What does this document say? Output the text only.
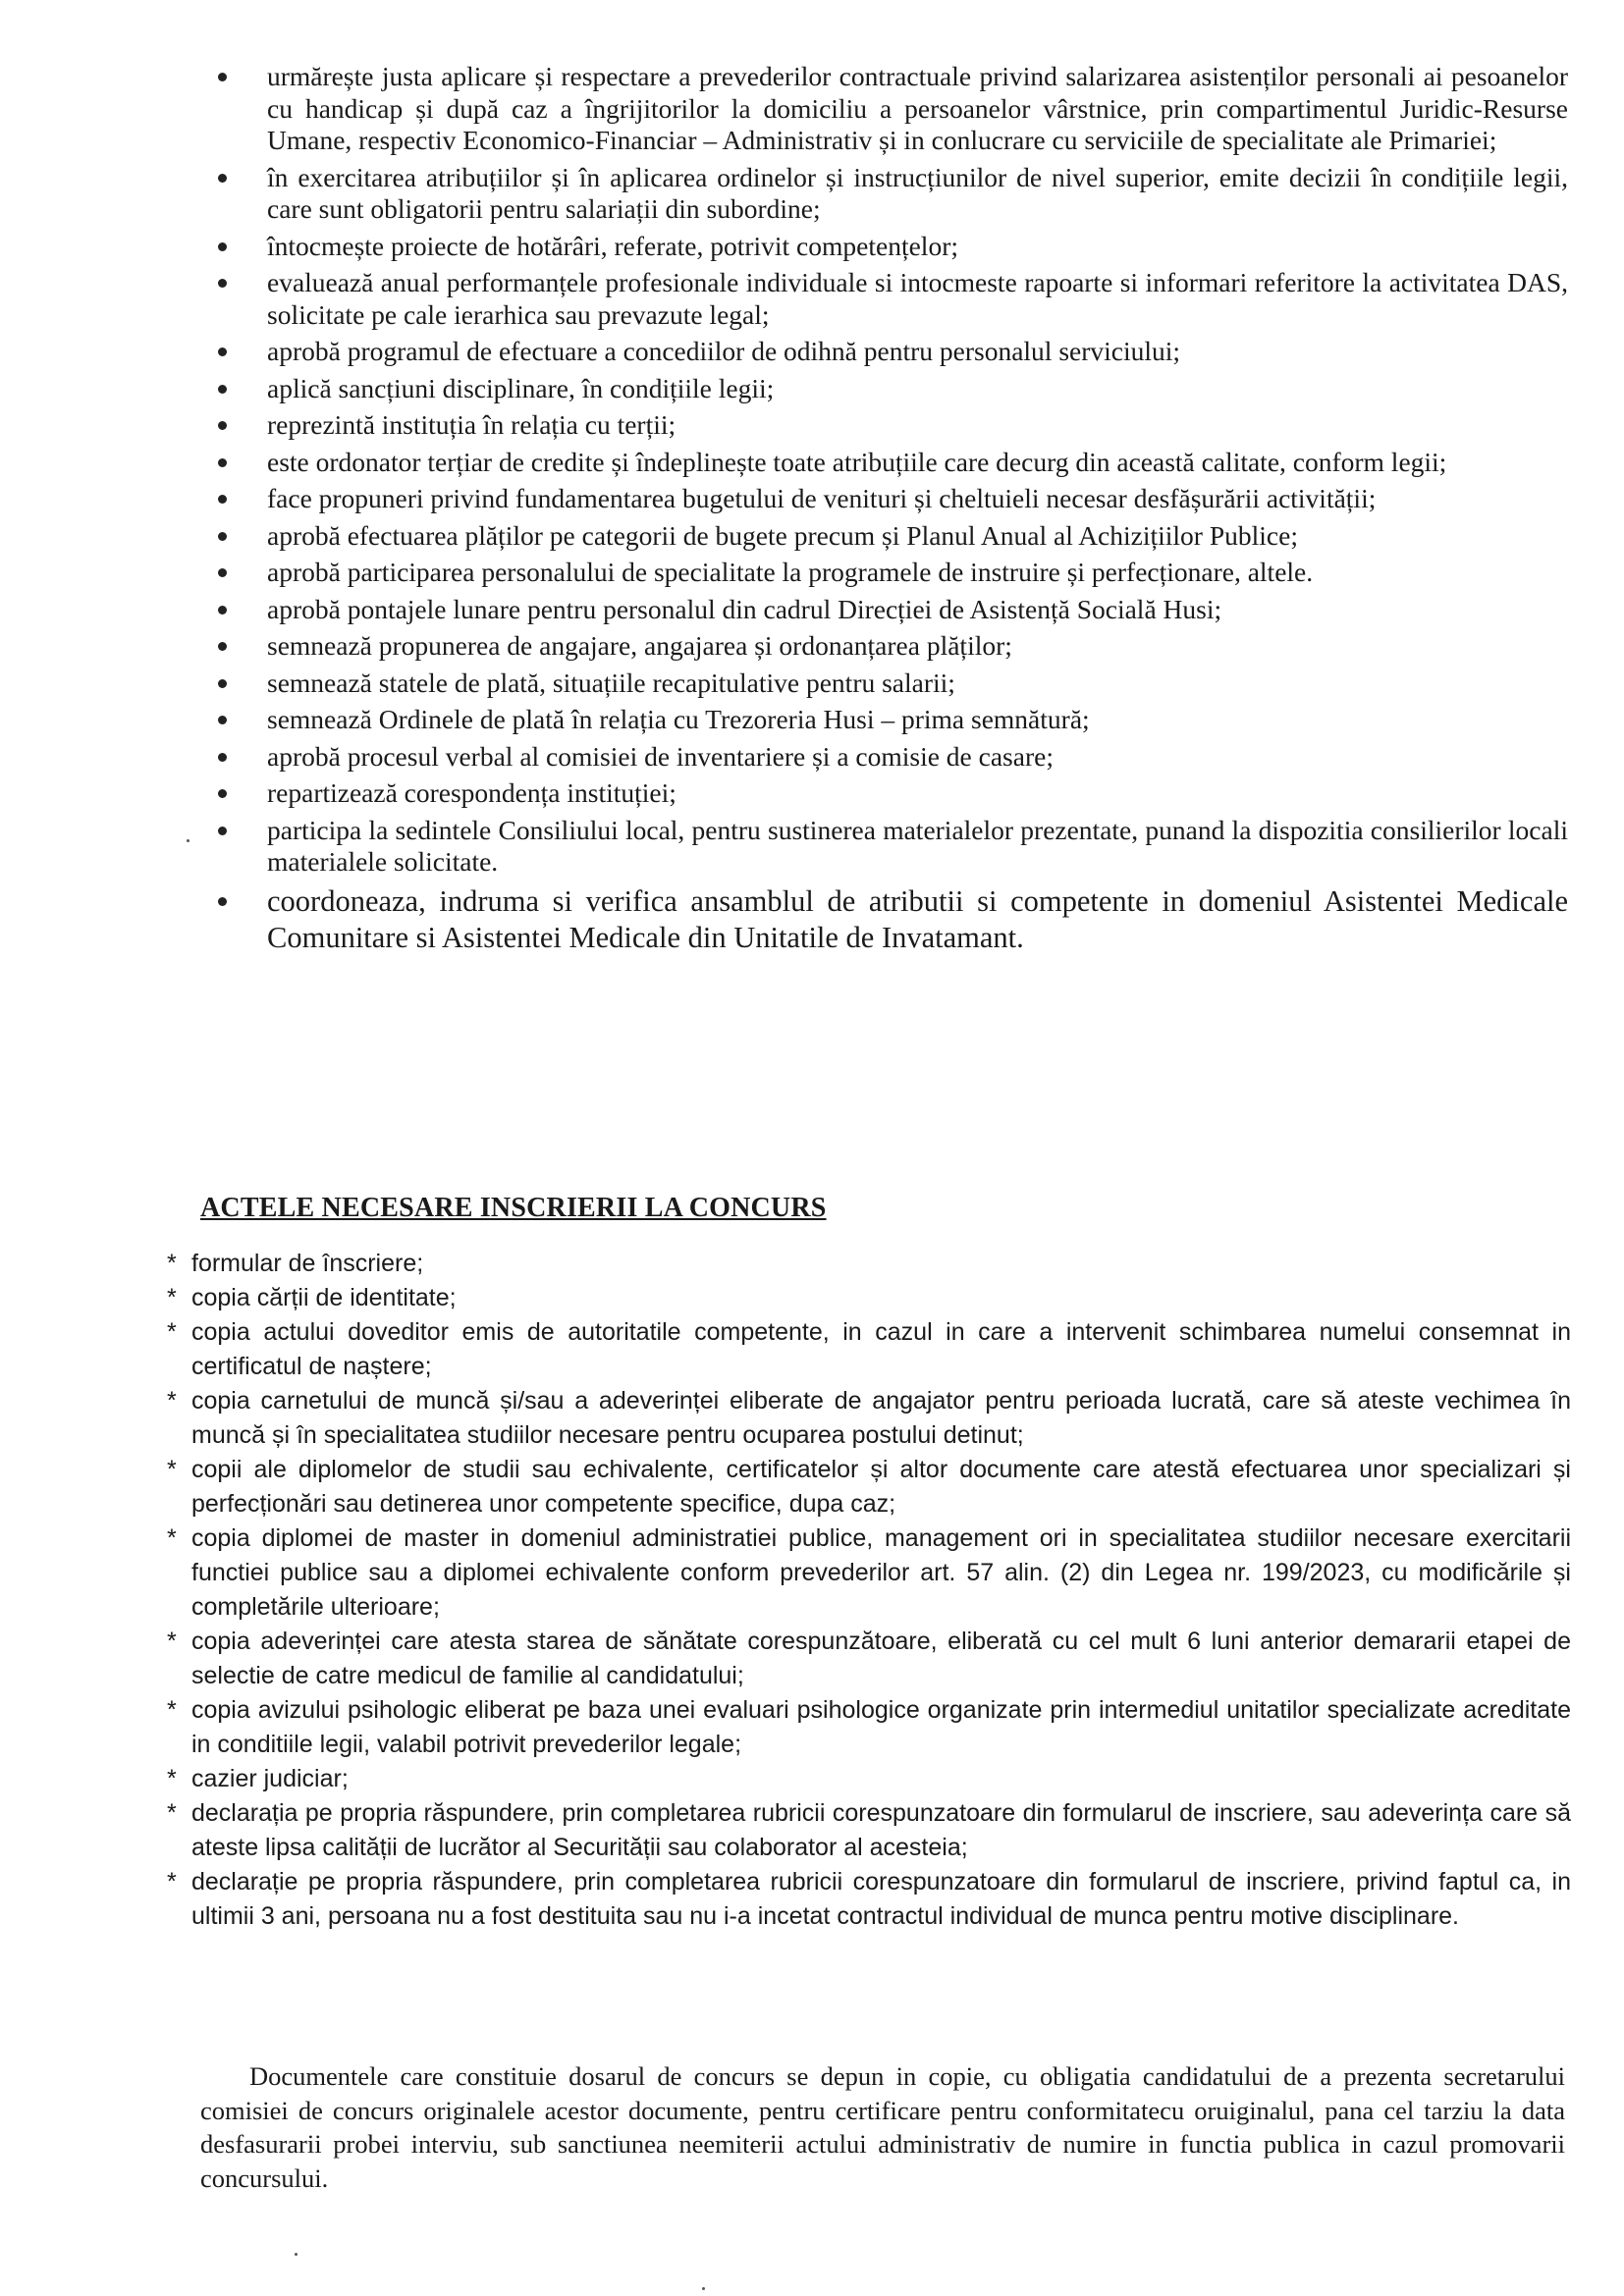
urmărește justa aplicare și respectare a prevederilor contractuale privind salarizarea asistenților personali ai pesoanelor cu handicap și după caz a îngrijitorilor la domiciliu a persoanelor vârstnice, prin compartimentul Juridic-Resurse Umane, respectiv Economico-Financiar – Administrativ și in conlucrare cu serviciile de specialitate ale Primariei;
în exercitarea atribuțiilor și în aplicarea ordinelor și instrucțiunilor de nivel superior, emite decizii în condițiile legii, care sunt obligatorii pentru salariații din subordine;
întocmește proiecte de hotărâri, referate, potrivit competențelor;
evaluează anual performanțele profesionale individuale si intocmeste rapoarte si informari referitore la activitatea DAS, solicitate pe cale ierarhica sau prevazute legal;
aprobă programul de efectuare a concediilor de odihnă pentru personalul serviciului;
aplică sancțiuni disciplinare, în condițiile legii;
reprezintă instituția în relația cu terții;
este ordonator terțiar de credite și îndeplinește toate atribuțiile care decurg din această calitate, conform legii;
face propuneri privind fundamentarea bugetului de venituri și cheltuieli necesar desfășurării activității;
aprobă efectuarea plăților pe categorii de bugete precum și Planul Anual al Achizițiilor Publice;
aprobă participarea personalului de specialitate la programele de instruire și perfecționare, altele.
aprobă pontajele lunare pentru personalul din cadrul Direcției de Asistență Socială Husi;
semnează propunerea de angajare, angajarea și ordonanțarea plăților;
semnează statele de plată, situațiile recapitulative pentru salarii;
semnează Ordinele de plată în relația cu Trezoreria Husi – prima semnătură;
aprobă procesul verbal al comisiei de inventariere și a comisie de casare;
repartizează corespondența instituției;
participa la sedintele Consiliului local, pentru sustinerea materialelor prezentate, punand la dispozitia consilierilor locali materialele solicitate.
coordoneaza, indruma si verifica ansamblul de atributii si competente in domeniul Asistentei Medicale Comunitare si Asistentei Medicale din Unitatile de Invatamant.
ACTELE NECESARE INSCRIERII LA CONCURS
* formular de înscriere;
* copia cărții de identitate;
* copia actului doveditor emis de autoritatile competente, in cazul in care a intervenit schimbarea numelui consemnat in certificatul de naștere;
* copia carnetului de muncă și/sau a adeverinței eliberate de angajator pentru perioada lucrată, care să ateste vechimea în muncă și în specialitatea studiilor necesare pentru ocuparea postului detinut;
* copii ale diplomelor de studii sau echivalente, certificatelor și altor documente care atestă efectuarea unor specializari și perfecționări sau detinerea unor competente specifice, dupa caz;
* copia diplomei de master in domeniul administratiei publice, management ori in specialitatea studiilor necesare exercitarii functiei publice sau a diplomei echivalente conform prevederilor art. 57 alin. (2) din Legea nr. 199/2023, cu modificările și completările ulterioare;
* copia adeverinței care atesta starea de sănătate corespunzătoare, eliberată cu cel mult 6 luni anterior demararii etapei de selectie de catre medicul de familie al candidatului;
* copia avizului psihologic eliberat pe baza unei evaluari psihologice organizate prin intermediul unitatilor specializate acreditate in conditiile legii, valabil potrivit prevederilor legale;
* cazier judiciar;
* declarația pe propria răspundere, prin completarea rubricii corespunzatoare din formularul de inscriere, sau adeverința care să ateste lipsa calității de lucrător al Securității sau colaborator al acesteia;
* declarație pe propria răspundere, prin completarea rubricii corespunzatoare din formularul de inscriere, privind faptul ca, in ultimii 3 ani, persoana nu a fost destituita sau nu i-a incetat contractul individual de munca pentru motive disciplinare.

Documentele care constituie dosarul de concurs se depun in copie, cu obligatia candidatului de a prezenta secretarului comisiei de concurs originalele acestor documente, pentru certificare pentru conformitatecu oruiginalul, pana cel tarziu la data desfasurarii probei interviu, sub sanctiunea neemiterii actului administrativ de numire in functia publica in cazul promovarii concursului.
